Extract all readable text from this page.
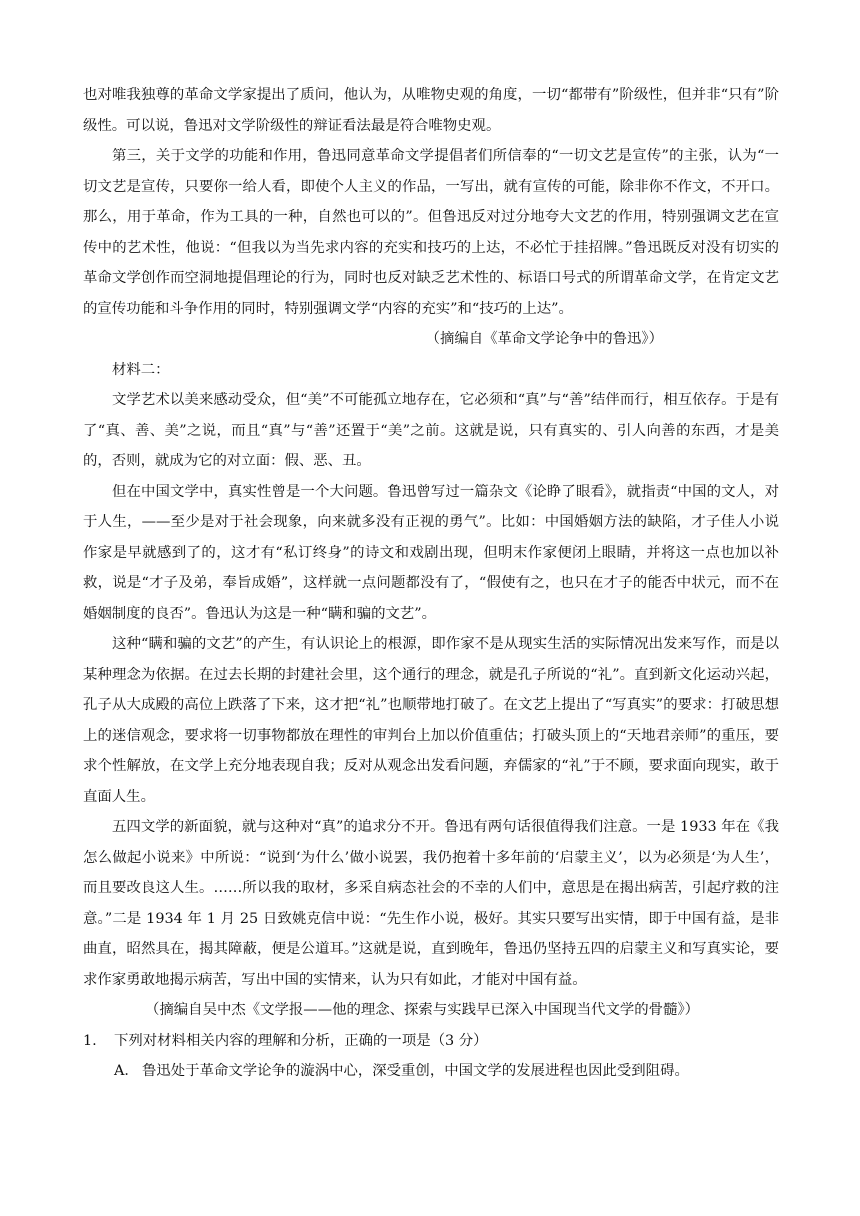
也对唯我独尊的革命文学家提出了质问，他认为，从唯物史观的角度，一切“都带有”阶级性，但并非“只有”阶级性。可以说，鲁迅对文学阶级性的辩证看法最是符合唯物史观。

第三，关于文学的功能和作用，鲁迅同意革命文学提倡者们所信奉的“一切文艺是宣传”的主张，认为“一切文艺是宣传，只要你一给人看，即使个人主义的作品，一写出，就有宣传的可能，除非你不作文，不开口。那么，用于革命，作为工具的一种，自然也可以的”。但鲁迅反对过分地夸大文艺的作用，特别强调文艺在宣传中的艺术性，他说：“但我以为当先求内容的充实和技巧的上达，不必忙于挂招牌。”鲁迅既反对没有切实的革命文学创作而空洞地提倡理论的行为，同时也反对缺乏艺术性的、标语口号式的所谓革命文学，在肯定文艺的宣传功能和斗争作用的同时，特别强调文学“内容的充实”和“技巧的上达”。

（摘编自《革命文学论争中的鲁迅》）

材料二：

文学艺术以美来感动受众，但“美”不可能孤立地存在，它必须和“真”与“善”结伴而行，相互依存。于是有了“真、善、美”之说，而且“真”与“善”还置于“美”之前。这就是说，只有真实的、引人向善的东西，才是美的，否则，就成为它的对立面：假、恶、丑。

但在中国文学中，真实性曾是一个大问题。鲁迅曾写过一篇杂文《论睁了眼看》，就指责“中国的文人，对于人生，——至少是对于社会现象，向来就多没有正视的勇气”。比如：中国婚姻方法的缺陷，才子佳人小说作家是早就感到了的，这才有“私订终身”的诗文和戏剧出现，但明末作家便闭上眼睛，并将这一点也加以补救，说是“才子及弟，奉旨成婚”，这样就一点问题都没有了，“假使有之，也只在才子的能否中状元，而不在婚姻制度的良否”。鲁迅认为这是一种“瞒和骗的文艺”。

这种“瞒和骗的文艺”的产生，有认识论上的根源，即作家不是从现实生活的实际情况出发来写作，而是以某种理念为依据。在过去长期的封建社会里，这个通行的理念，就是孔子所说的“礼”。直到新文化运动兴起，孔子从大成殿的高位上跌落了下来，这才把“礼”也顺带地打破了。在文艺上提出了“写真实”的要求：打破思想上的迷信观念，要求将一切事物都放在理性的审判台上加以价值重估；打破头顶上的“天地君亲师”的重压，要求个性解放，在文学上充分地表现自我；反对从观念出发看问题，弃儒家的“礼”于不顾，要求面向现实，敢于直面人生。

五四文学的新面貌，就与这种对“真”的追求分不开。鲁迅有两句话很值得我们注意。一是 1933 年在《我怎么做起小说来》中所说：“说到‘为什么’做小说罢，我仍抱着十多年前的‘启蒙主义’，以为必须是‘为人生’，而且要改良这人生。……所以我的取材，多采自病态社会的不幸的人们中，意思是在揭出病苦，引起疗救的注意。”二是 1934 年 1 月 25 日致姚克信中说：“先生作小说，极好。其实只要写出实情，即于中国有益，是非曲直，昭然具在，揭其障蔽，便是公道耳。”这就是说，直到晚年，鲁迅仍坚持五四的启蒙主义和写真实论，要求作家勇敢地揭示病苦，写出中国的实情来，认为只有如此，才能对中国有益。

（摘编自吴中杰《文学报——他的理念、探索与实践早已深入中国现当代文学的骨髓》）

1.	下列对材料相关内容的理解和分析，正确的一项是（3 分）
A． 鲁迅处于革命文学论争的漩涡中心，深受重创，中国文学的发展进程也因此受到阻碍。
